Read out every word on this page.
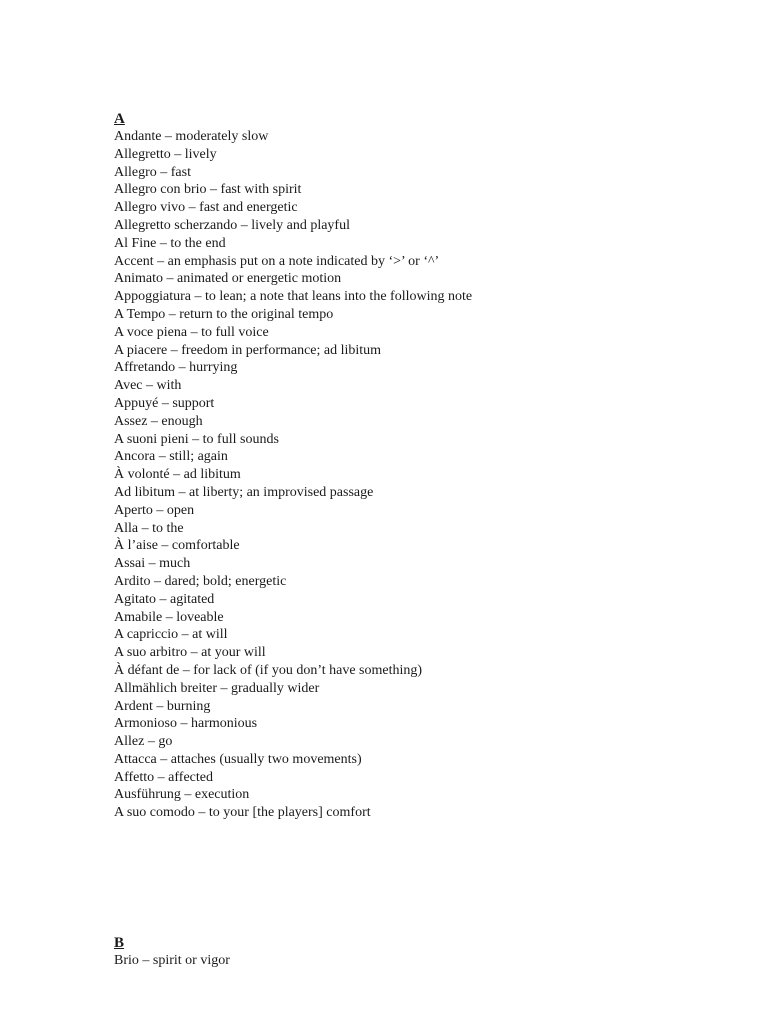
A
Andante – moderately slow
Allegretto – lively
Allegro – fast
Allegro con brio – fast with spirit
Allegro vivo – fast and energetic
Allegretto scherzando – lively and playful
Al Fine – to the end
Accent – an emphasis put on a note indicated by ‘>’ or ‘^’
Animato – animated or energetic motion
Appoggiatura – to lean; a note that leans into the following note
A Tempo – return to the original tempo
A voce piena – to full voice
A piacere – freedom in performance; ad libitum
Affretando – hurrying
Avec – with
Appuyé – support
Assez – enough
A suoni pieni – to full sounds
Ancora – still; again
À volonté – ad libitum
Ad libitum – at liberty; an improvised passage
Aperto – open
Alla – to the
À l’aise – comfortable
Assai – much
Ardito – dared; bold; energetic
Agitato – agitated
Amabile – loveable
A capriccio – at will
A suo arbitro – at your will
À défant de – for lack of (if you don’t have something)
Allmählich breiter – gradually wider
Ardent – burning
Armonioso – harmonious
Allez – go
Attacca – attaches (usually two movements)
Affetto – affected
Ausführung – execution
A suo comodo – to your [the players] comfort
B
Brio – spirit or vigor
